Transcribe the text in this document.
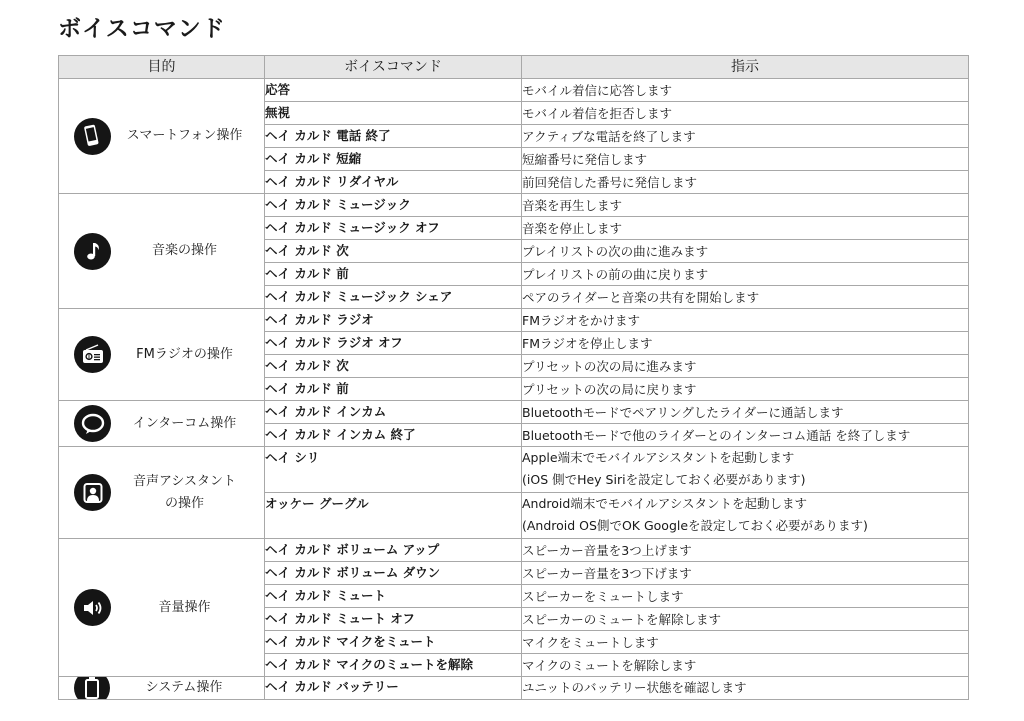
ボイスコマンド
目的	ボイスコマンド	指示

スマートフォン操作	応答	モバイル着信に応答します
	無視	モバイル着信を拒否します
	ヘイ カルド 電話 終了	アクティブな電話を終了します
	ヘイ カルド 短縮	短縮番号に発信します
	ヘイ カルド リダイヤル	前回発信した番号に発信します

音楽の操作	ヘイ カルド ミュージック	音楽を再生します
	ヘイ カルド ミュージック オフ	音楽を停止します
	ヘイ カルド 次	プレイリストの次の曲に進みます
	ヘイ カルド 前	プレイリストの前の曲に戻ります
	ヘイ カルド ミュージック シェア	ペアのライダーと音楽の共有を開始します

FMラジオの操作	ヘイ カルド ラジオ	FMラジオをかけます
	ヘイ カルド ラジオ オフ	FMラジオを停止します
	ヘイ カルド 次	プリセットの次の局に進みます
	ヘイ カルド 前	プリセットの次の局に戻ります

インターコム操作	ヘイ カルド インカム	Bluetoothモードでペアリングしたライダーに通話します
	ヘイ カルド インカム 終了	Bluetoothモードで他のライダーとのインターコム通話 を終了します

音声アシスタント
の操作	ヘイ シリ	Apple端末でモバイルアシスタントを起動します
(iOS 側でHey Siriを設定しておく必要があります)

	オッケー グーグル	Android端末でモバイルアシスタントを起動します
(Android OS側でOK Googleを設定しておく必要があります)

音量操作	ヘイ カルド ボリューム アップ	スピーカー音量を3つ上げます
	ヘイ カルド ボリューム ダウン	スピーカー音量を3つ下げます
	ヘイ カルド ミュート	スピーカーをミュートします
	ヘイ カルド ミュート オフ	スピーカーのミュートを解除します
	ヘイ カルド マイクをミュート	マイクをミュートします
	ヘイ カルド マイクのミュートを解除	マイクのミュートを解除します

システム操作	ヘイ カルド バッテリー	ユニットのバッテリー状態を確認します
